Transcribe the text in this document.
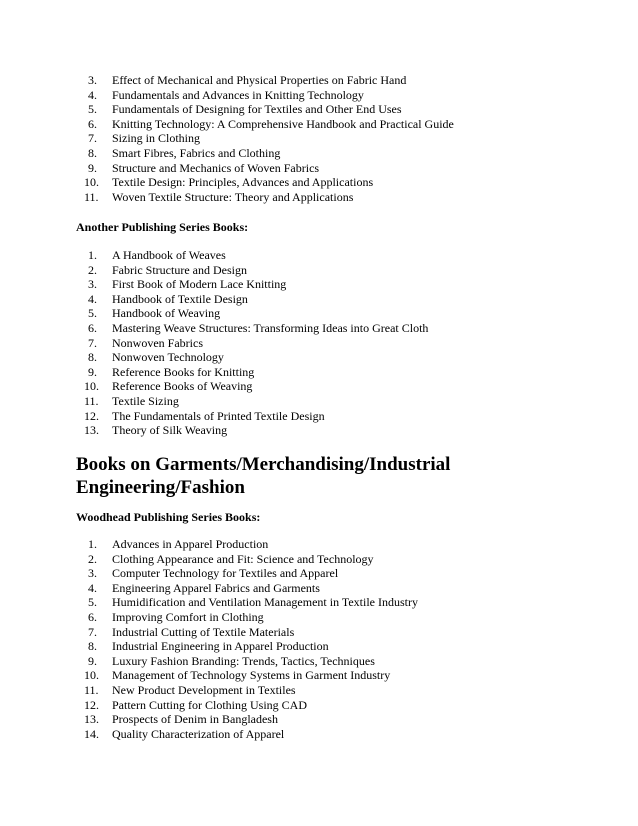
3. Effect of Mechanical and Physical Properties on Fabric Hand
4. Fundamentals and Advances in Knitting Technology
5. Fundamentals of Designing for Textiles and Other End Uses
6. Knitting Technology: A Comprehensive Handbook and Practical Guide
7. Sizing in Clothing
8. Smart Fibres, Fabrics and Clothing
9. Structure and Mechanics of Woven Fabrics
10. Textile Design: Principles, Advances and Applications
11. Woven Textile Structure: Theory and Applications
Another Publishing Series Books:
1. A Handbook of Weaves
2. Fabric Structure and Design
3. First Book of Modern Lace Knitting
4. Handbook of Textile Design
5. Handbook of Weaving
6. Mastering Weave Structures: Transforming Ideas into Great Cloth
7. Nonwoven Fabrics
8. Nonwoven Technology
9. Reference Books for Knitting
10. Reference Books of Weaving
11. Textile Sizing
12. The Fundamentals of Printed Textile Design
13. Theory of Silk Weaving
Books on Garments/Merchandising/Industrial Engineering/Fashion
Woodhead Publishing Series Books:
1. Advances in Apparel Production
2. Clothing Appearance and Fit: Science and Technology
3. Computer Technology for Textiles and Apparel
4. Engineering Apparel Fabrics and Garments
5. Humidification and Ventilation Management in Textile Industry
6. Improving Comfort in Clothing
7. Industrial Cutting of Textile Materials
8. Industrial Engineering in Apparel Production
9. Luxury Fashion Branding: Trends, Tactics, Techniques
10. Management of Technology Systems in Garment Industry
11. New Product Development in Textiles
12. Pattern Cutting for Clothing Using CAD
13. Prospects of Denim in Bangladesh
14. Quality Characterization of Apparel
